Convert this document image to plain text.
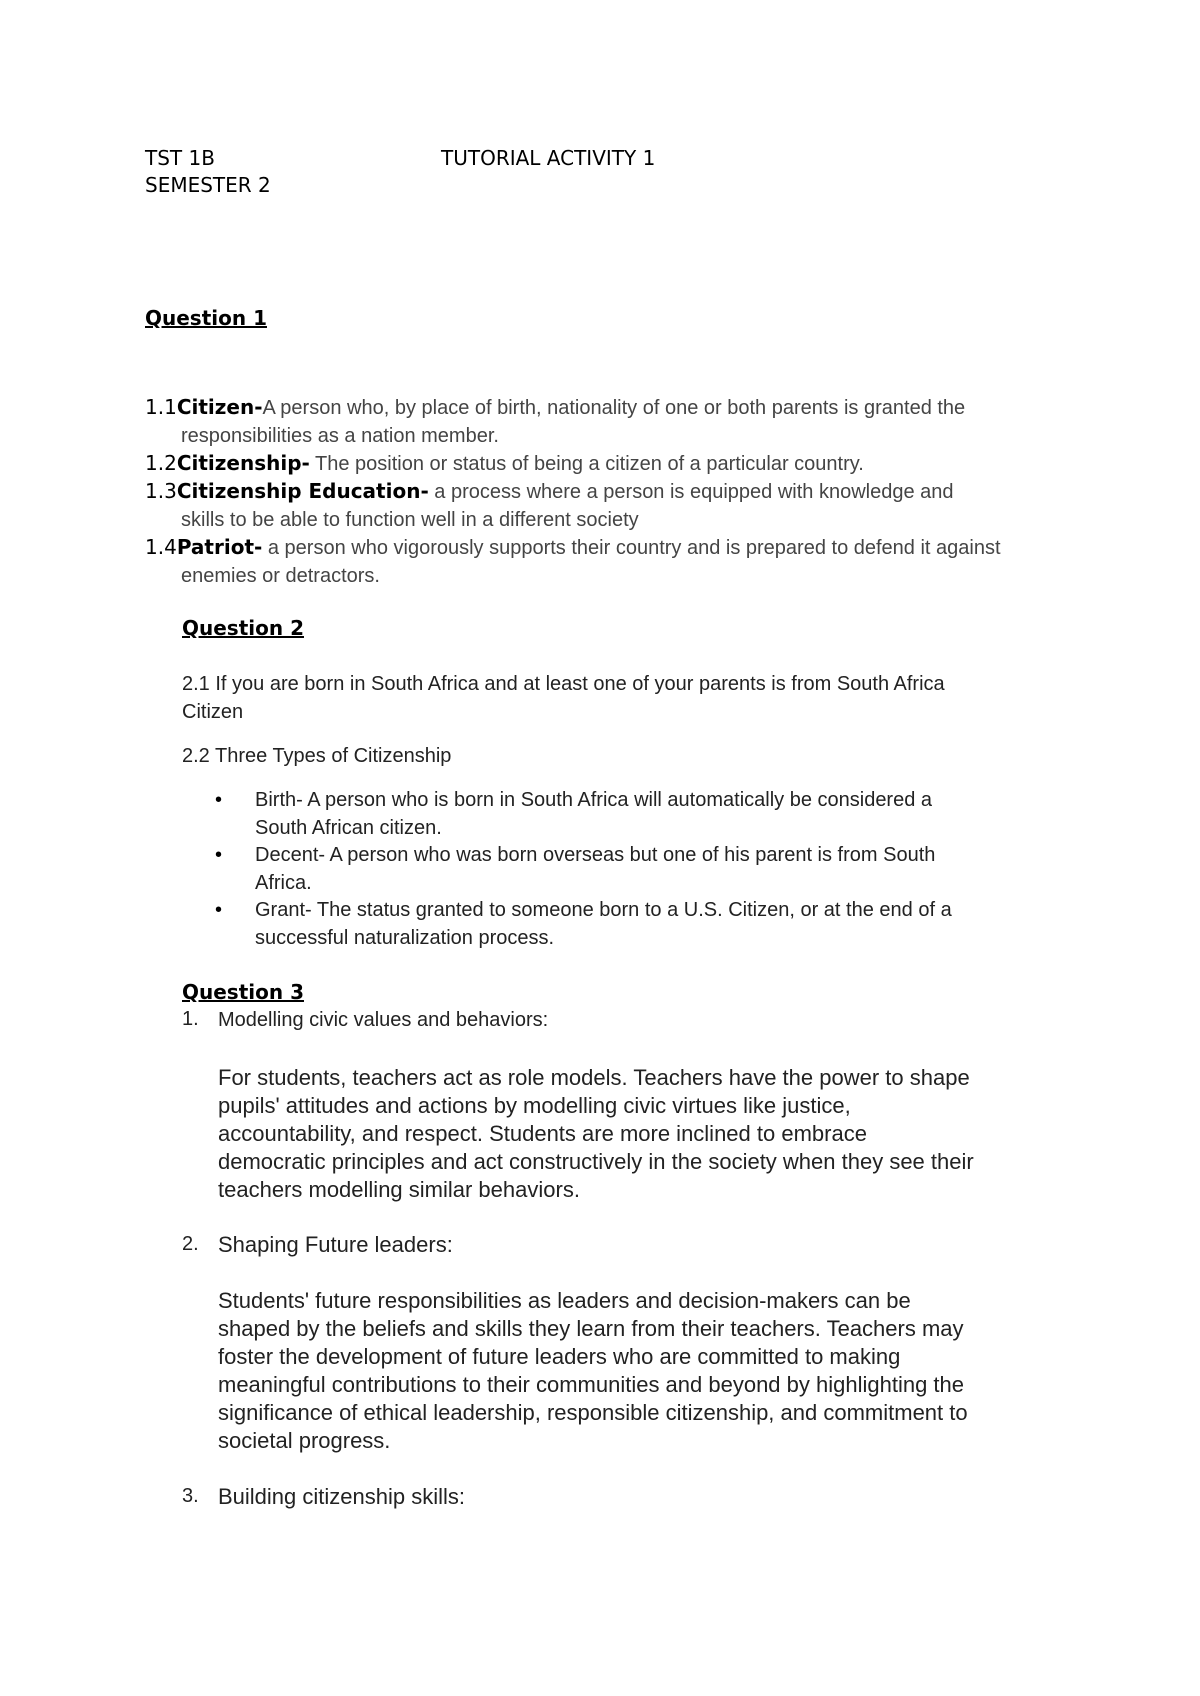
TST 1B	TUTORIAL ACTIVITY 1
SEMESTER 2
Question 1
1.1Citizen-A person who, by place of birth, nationality of one or both parents is granted the
responsibilities as a nation member.
1.2Citizenship- The position or status of being a citizen of a particular country.
1.3Citizenship Education- a process where a person is equipped with knowledge and
skills to be able to function well in a different society
1.4Patriot- a person who vigorously supports their country and is prepared to defend it against
enemies or detractors.
Question 2
2.1 If you are born in South Africa and at least one of your parents is from South Africa
Citizen
2.2 Three Types of Citizenship
•	Birth- A person who is born in South Africa will automatically be considered a
South African citizen.
•	Decent- A person who was born overseas but one of his parent is from South
Africa.
•	Grant- The status granted to someone born to a U.S. Citizen, or at the end of a
successful naturalization process.
Question 3
1. Modelling civic values and behaviors:
For students, teachers act as role models. Teachers have the power to shape
pupils' attitudes and actions by modelling civic virtues like justice,
accountability, and respect. Students are more inclined to embrace
democratic principles and act constructively in the society when they see their
teachers modelling similar behaviors.
2. Shaping Future leaders:
Students' future responsibilities as leaders and decision-makers can be
shaped by the beliefs and skills they learn from their teachers. Teachers may
foster the development of future leaders who are committed to making
meaningful contributions to their communities and beyond by highlighting the
significance of ethical leadership, responsible citizenship, and commitment to
societal progress.
3. Building citizenship skills:
